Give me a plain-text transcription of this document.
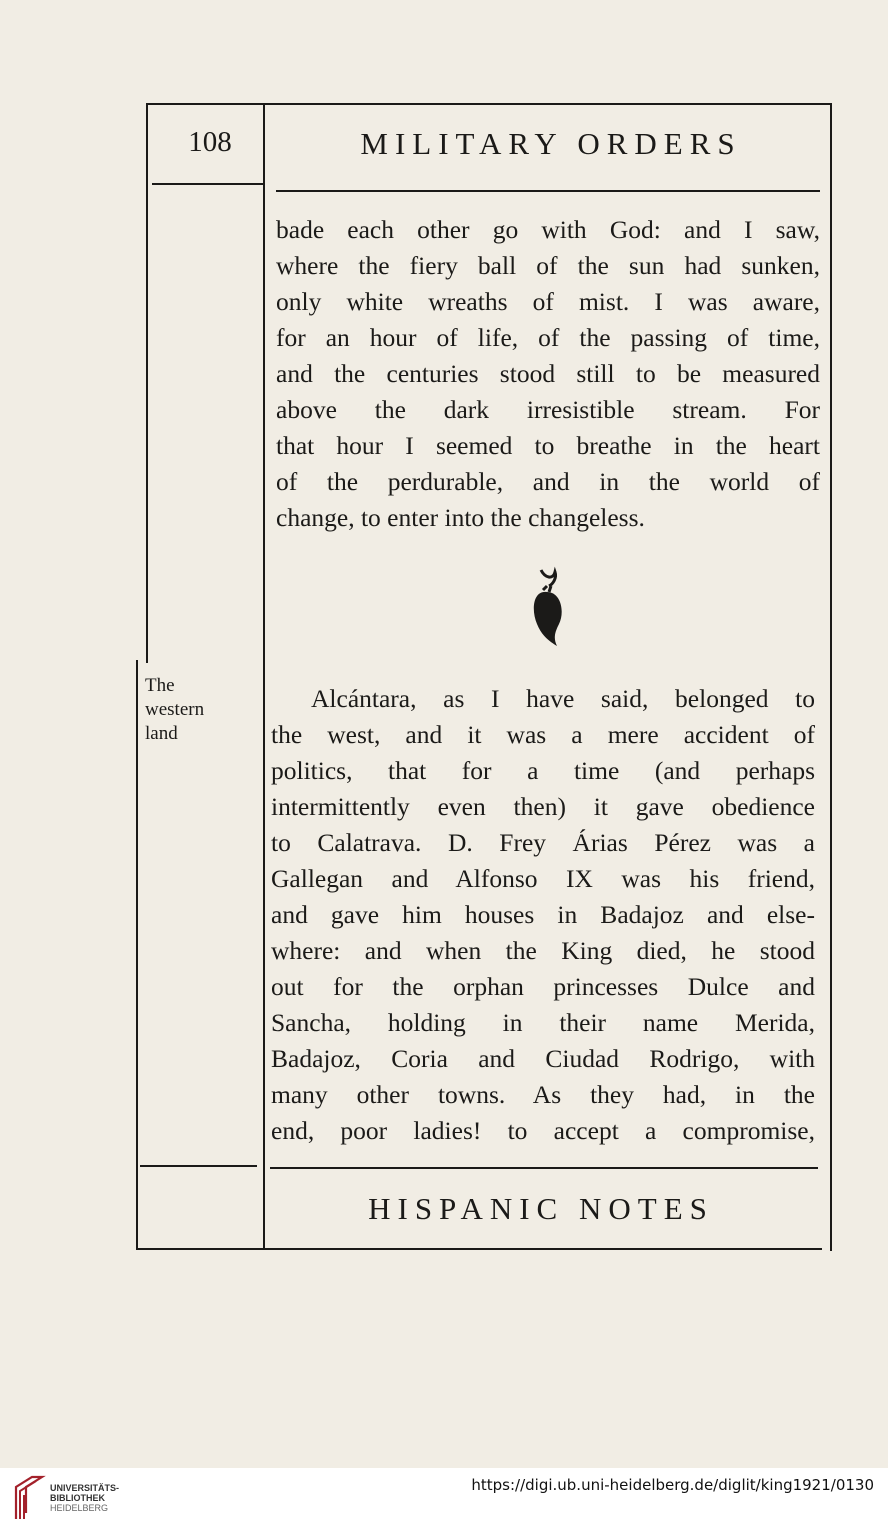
108	MILITARY ORDERS
bade each other go with God: and I saw,
where the fiery ball of the sun had sunken,
only white wreaths of mist. I was aware,
for an hour of life, of the passing of time,
and the centuries stood still to be measured
above the dark irresistible stream. For
that hour I seemed to breathe in the heart
of the perdurable, and in the world of
change, to enter into the changeless.
The
western
land
Alcántara, as I have said, belonged to
the west, and it was a mere accident of
politics, that for a time (and perhaps
intermittently even then) it gave obedience
to Calatrava. D. Frey Árias Pérez was a
Gallegan and Alfonso IX was his friend,
and gave him houses in Badajoz and else-
where: and when the King died, he stood
out for the orphan princesses Dulce and
Sancha, holding in their name Merida,
Badajoz, Coria and Ciudad Rodrigo, with
many other towns. As they had, in the
end, poor ladies! to accept a compromise,
HISPANIC NOTES
UNIVERSITÄTS-
BIBLIOTHEK
HEIDELBERG
https://digi.ub.uni-heidelberg.de/diglit/king1921/0130
